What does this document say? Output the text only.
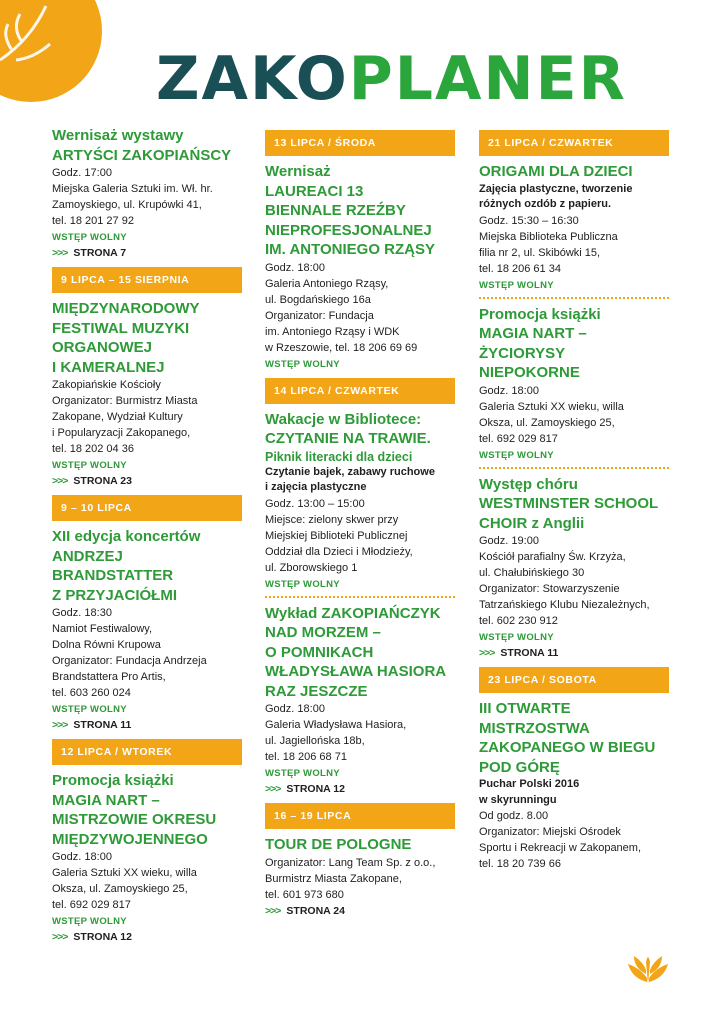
ZAKOPLANER
Wernisaż wystawy
ARTYŚCI ZAKOPIAŃSCY
Godz. 17:00
Miejska Galeria Sztuki im. Wł. hr. Zamoyskiego, ul. Krupówki 41,
tel. 18 201 27 92
WSTĘP WOLNY
>>> STRONA 7
9 LIPCA – 15 SIERPNIA
MIĘDZYNARODOWY
FESTIWAL MUZYKI
ORGANOWEJ
I KAMERALNEJ
Zakopiańskie Kościoły
Organizator: Burmistrz Miasta Zakopane, Wydział Kultury
i Popularyzacji Zakopanego,
tel. 18 202 04 36
WSTĘP WOLNY
>>> STRONA 23
9 – 10 LIPCA
XII edycja koncertów
ANDRZEJ BRANDSTATTER
Z PRZYJACIÓŁMI
Godz. 18:30
Namiot Festiwalowy,
Dolna Równi Krupowa
Organizator: Fundacja Andrzeja
Brandstattera Pro Artis,
tel. 603 260 024
WSTĘP WOLNY
>>> STRONA 11
12 LIPCA / WTOREK
Promocja książki
MAGIA NART –
MISTRZOWIE OKRESU
MIĘDZYWOJENNEGO
Godz. 18:00
Galeria Sztuki XX wieku, willa
Oksza, ul. Zamoyskiego 25,
tel. 692 029 817
WSTĘP WOLNY
>>> STRONA 12
13 LIPCA / ŚRODA
Wernisaż
LAUREACI 13
BIENNALE RZEŹBY
NIEPROFESJONALNEJ
IM. ANTONIEGO RZĄSY
Godz. 18:00
Galeria Antoniego Rząsy,
ul. Bogdańskiego 16a
Organizator: Fundacja
im. Antoniego Rząsy i WDK
w Rzeszowie, tel. 18 206 69 69
WSTĘP WOLNY
14 LIPCA / CZWARTEK
Wakacje w Bibliotece:
CZYTANIE NA TRAWIE.
Piknik literacki dla dzieci
Czytanie bajek, zabawy ruchowe
i zajęcia plastyczne
Godz. 13:00 – 15:00
Miejsce: zielony skwer przy
Miejskiej Biblioteki Publicznej
Oddział dla Dzieci i Młodzieży,
ul. Zborowskiego 1
WSTĘP WOLNY
Wykład ZAKOPIAŃCZYK
NAD MORZEM –
O POMNIKACH
WŁADYSŁAWA HASIORA
RAZ JESZCZE
Godz. 18:00
Galeria Władysława Hasiora,
ul. Jagiellońska 18b,
tel. 18 206 68 71
WSTĘP WOLNY
>>> STRONA 12
16 – 19 LIPCA
TOUR DE POLOGNE
Organizator: Lang Team Sp. z o.o.,
Burmistrz Miasta Zakopane,
tel. 601 973 680
>>> STRONA 24
21 LIPCA / CZWARTEK
ORIGAMI DLA DZIECI
Zajęcia plastyczne, tworzenie
różnych ozdób z papieru.
Godz. 15:30 – 16:30
Miejska Biblioteka Publiczna
filia nr 2, ul. Skibówki 15,
tel. 18 206 61 34
WSTĘP WOLNY
Promocja książki
MAGIA NART –
ŻYCIORYSY NIEPOKORNE
Godz. 18:00
Galeria Sztuki XX wieku, willa
Oksza, ul. Zamoyskiego 25,
tel. 692 029 817
WSTĘP WOLNY
Występ chóru
WESTMINSTER SCHOOL
CHOIR z Anglii
Godz. 19:00
Kościół parafialny Św. Krzyża,
ul. Chałubińskiego 30
Organizator: Stowarzyszenie
Tatrzańskiego Klubu Niezależnych,
tel. 602 230 912
WSTĘP WOLNY
>>> STRONA 11
23 LIPCA / SOBOTA
III OTWARTE
MISTRZOSTWA
ZAKOPANEGO W BIEGU
POD GÓRĘ
Puchar Polski 2016
w skyrunningu
Od godz. 8.00
Organizator: Miejski Ośrodek
Sportu i Rekreacji w Zakopanem,
tel. 18 20 739 66
